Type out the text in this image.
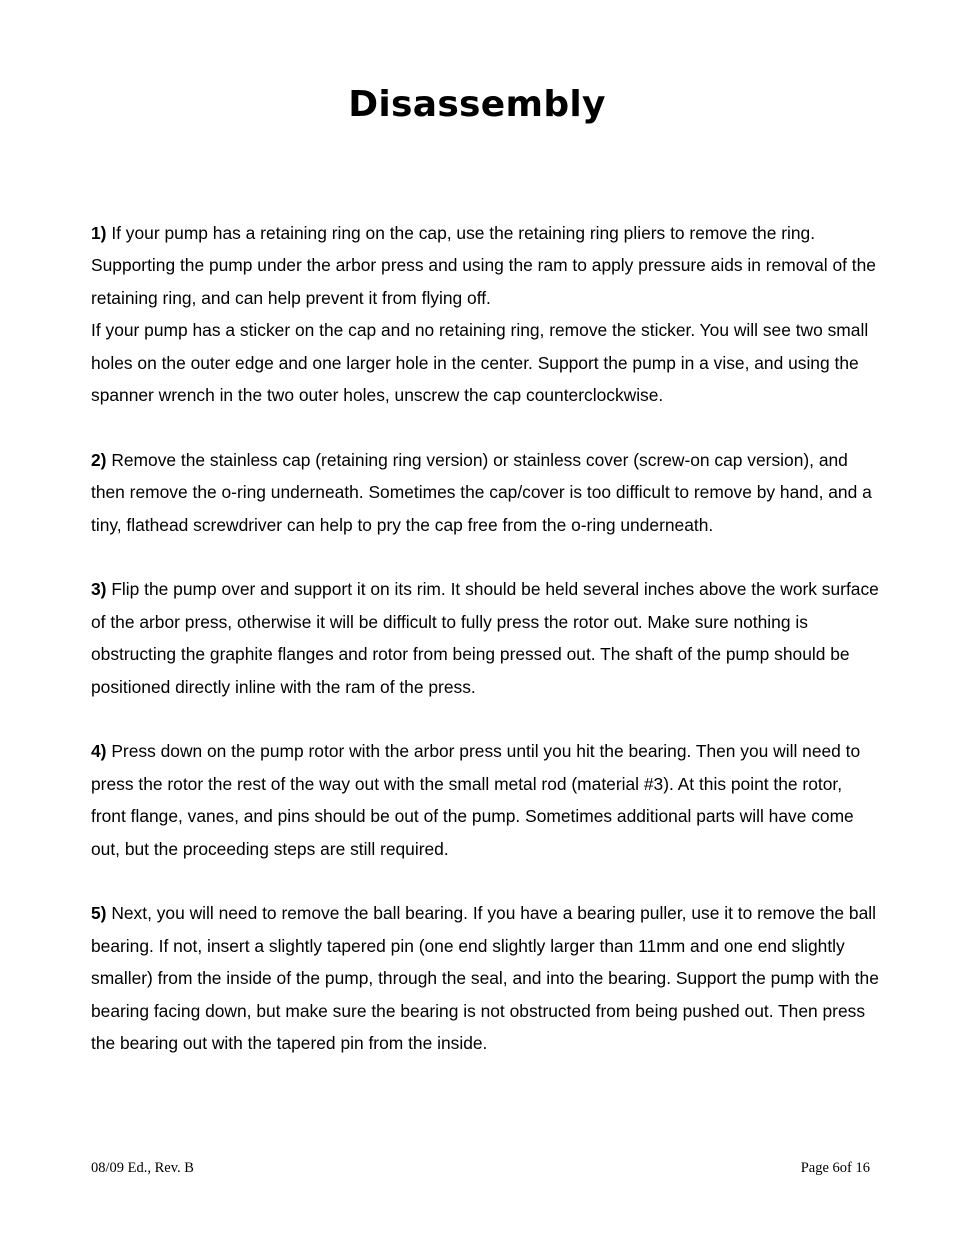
Disassembly

1) If your pump has a retaining ring on the cap, use the retaining ring pliers to remove the ring. Supporting the pump under the arbor press and using the ram to apply pressure aids in removal of the retaining ring, and can help prevent it from flying off.

If your pump has a sticker on the cap and no retaining ring, remove the sticker. You will see two small holes on the outer edge and one larger hole in the center. Support the pump in a vise, and using the spanner wrench in the two outer holes, unscrew the cap counterclockwise.

2) Remove the stainless cap (retaining ring version) or stainless cover (screw-on cap version), and then remove the o-ring underneath. Sometimes the cap/cover is too difficult to remove by hand, and a tiny, flathead screwdriver can help to pry the cap free from the o-ring underneath.

3) Flip the pump over and support it on its rim. It should be held several inches above the work surface of the arbor press, otherwise it will be difficult to fully press the rotor out. Make sure nothing is obstructing the graphite flanges and rotor from being pressed out. The shaft of the pump should be positioned directly inline with the ram of the press.

4) Press down on the pump rotor with the arbor press until you hit the bearing. Then you will need to press the rotor the rest of the way out with the small metal rod (material #3). At this point the rotor, front flange, vanes, and pins should be out of the pump. Sometimes additional parts will have come out, but the proceeding steps are still required.

5) Next, you will need to remove the ball bearing. If you have a bearing puller, use it to remove the ball bearing. If not, insert a slightly tapered pin (one end slightly larger than 11mm and one end slightly smaller) from the inside of the pump, through the seal, and into the bearing. Support the pump with the bearing facing down, but make sure the bearing is not obstructed from being pushed out. Then press the bearing out with the tapered pin from the inside.

08/09 Ed., Rev. B	Page 6of 16
